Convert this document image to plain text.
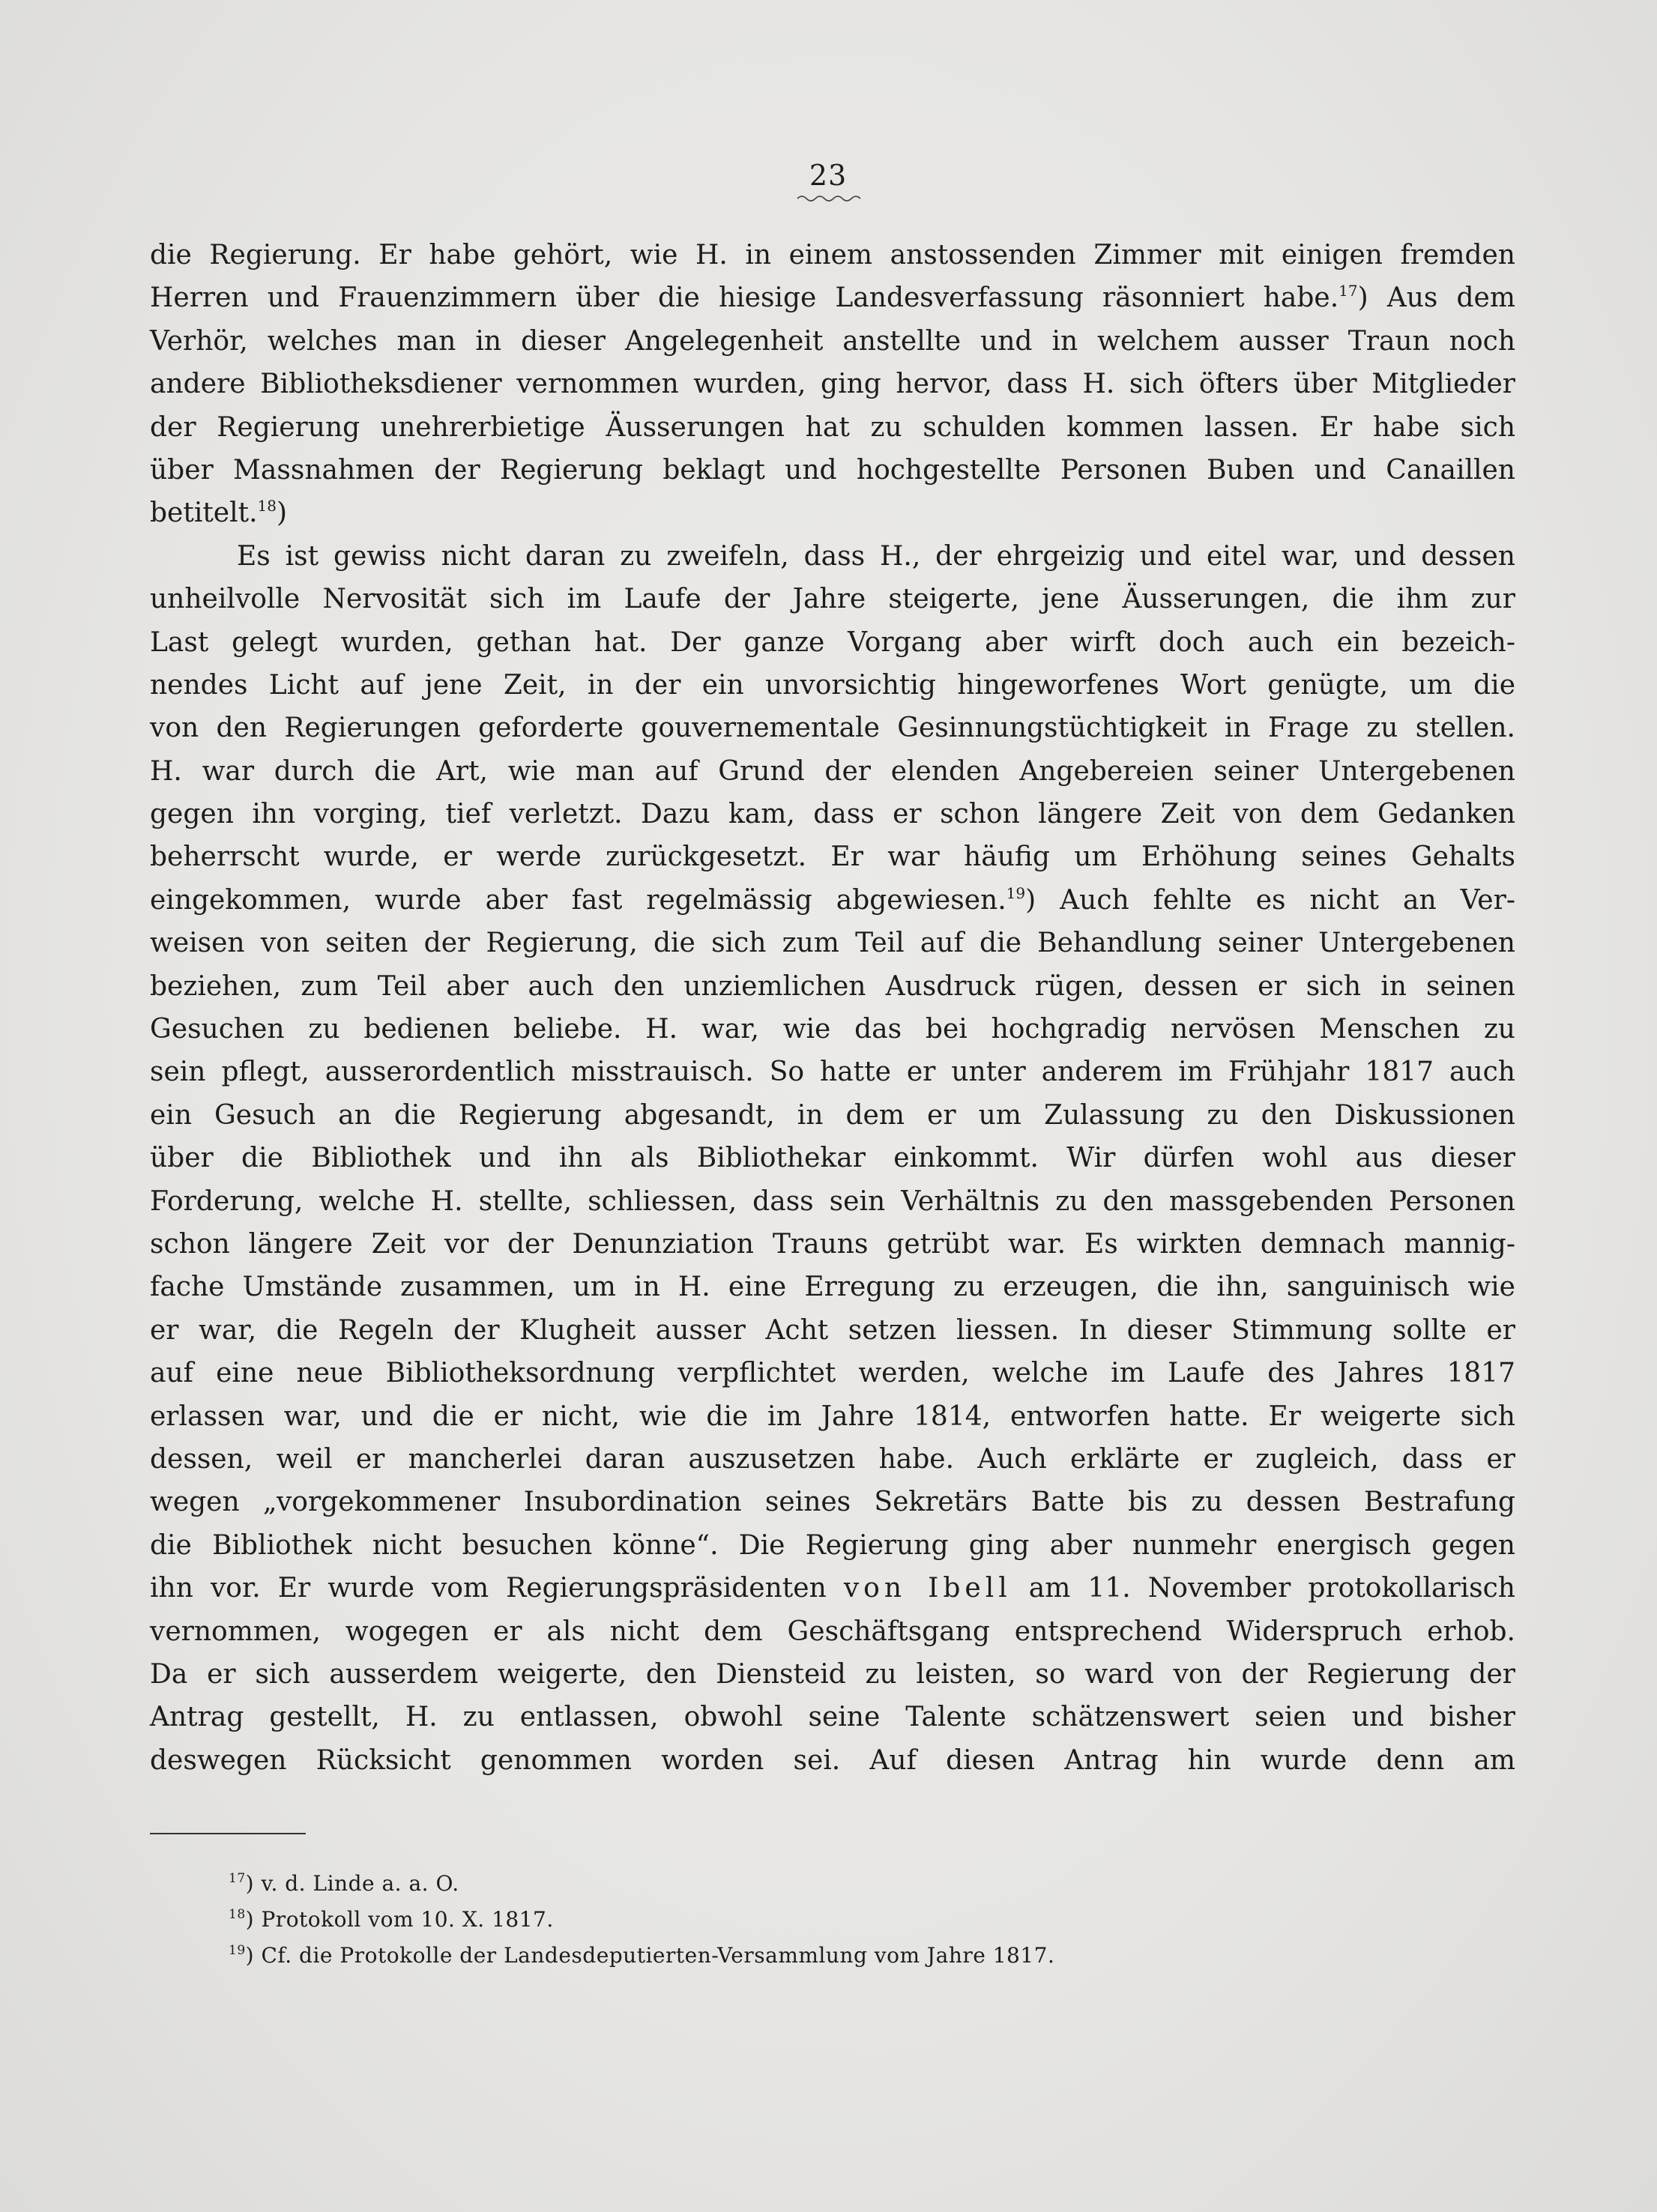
23
die Regierung. Er habe gehört, wie H. in einem anstossenden Zimmer mit einigen fremden
Herren und Frauenzimmern über die hiesige Landesverfassung räsonniert habe.$^{17}$) Aus dem
Verhör, welches man in dieser Angelegenheit anstellte und in welchem ausser Traun noch
andere Bibliotheksdiener vernommen wurden, ging hervor, dass H. sich öfters über Mitglieder
der Regierung unehrerbietige Äusserungen hat zu schulden kommen lassen. Er habe sich
über Massnahmen der Regierung beklagt und hochgestellte Personen Buben und Canaillen
betitelt.$^{18}$)
Es ist gewiss nicht daran zu zweifeln, dass H., der ehrgeizig und eitel war, und dessen
unheilvolle Nervosität sich im Laufe der Jahre steigerte, jene Äusserungen, die ihm zur
Last gelegt wurden, gethan hat. Der ganze Vorgang aber wirft doch auch ein bezeich-
nendes Licht auf jene Zeit, in der ein unvorsichtig hingeworfenes Wort genügte, um die
von den Regierungen geforderte gouvernementale Gesinnungstüchtigkeit in Frage zu stellen.
H. war durch die Art, wie man auf Grund der elenden Angebereien seiner Untergebenen
gegen ihn vorging, tief verletzt. Dazu kam, dass er schon längere Zeit von dem Gedanken
beherrscht wurde, er werde zurückgesetzt. Er war häufig um Erhöhung seines Gehalts
eingekommen, wurde aber fast regelmässig abgewiesen.$^{19}$) Auch fehlte es nicht an Ver-
weisen von seiten der Regierung, die sich zum Teil auf die Behandlung seiner Untergebenen
beziehen, zum Teil aber auch den unziemlichen Ausdruck rügen, dessen er sich in seinen
Gesuchen zu bedienen beliebe. H. war, wie das bei hochgradig nervösen Menschen zu
sein pflegt, ausserordentlich misstrauisch. So hatte er unter anderem im Frühjahr 1817 auch
ein Gesuch an die Regierung abgesandt, in dem er um Zulassung zu den Diskussionen
über die Bibliothek und ihn als Bibliothekar einkommt. Wir dürfen wohl aus dieser
Forderung, welche H. stellte, schliessen, dass sein Verhältnis zu den massgebenden Personen
schon längere Zeit vor der Denunziation Trauns getrübt war. Es wirkten demnach mannig-
fache Umstände zusammen, um in H. eine Erregung zu erzeugen, die ihn, sanguinisch wie
er war, die Regeln der Klugheit ausser Acht setzen liessen. In dieser Stimmung sollte er
auf eine neue Bibliotheksordnung verpflichtet werden, welche im Laufe des Jahres 1817
erlassen war, und die er nicht, wie die im Jahre 1814, entworfen hatte. Er weigerte sich
dessen, weil er mancherlei daran auszusetzen habe. Auch erklärte er zugleich, dass er
wegen „vorgekommener Insubordination seines Sekretärs Batte bis zu dessen Bestrafung
die Bibliothek nicht besuchen könne“. Die Regierung ging aber nunmehr energisch gegen
ihn vor. Er wurde vom Regierungspräsidenten von Ibell am 11. November protokollarisch
vernommen, wogegen er als nicht dem Geschäftsgang entsprechend Widerspruch erhob.
Da er sich ausserdem weigerte, den Diensteid zu leisten, so ward von der Regierung der
Antrag gestellt, H. zu entlassen, obwohl seine Talente schätzenswert seien und bisher
deswegen Rücksicht genommen worden sei. Auf diesen Antrag hin wurde denn am
$^{17}$) v. d. Linde a. a. O.
$^{18}$) Protokoll vom 10. X. 1817.
$^{19}$) Cf. die Protokolle der Landesdeputierten-Versammlung vom Jahre 1817.
